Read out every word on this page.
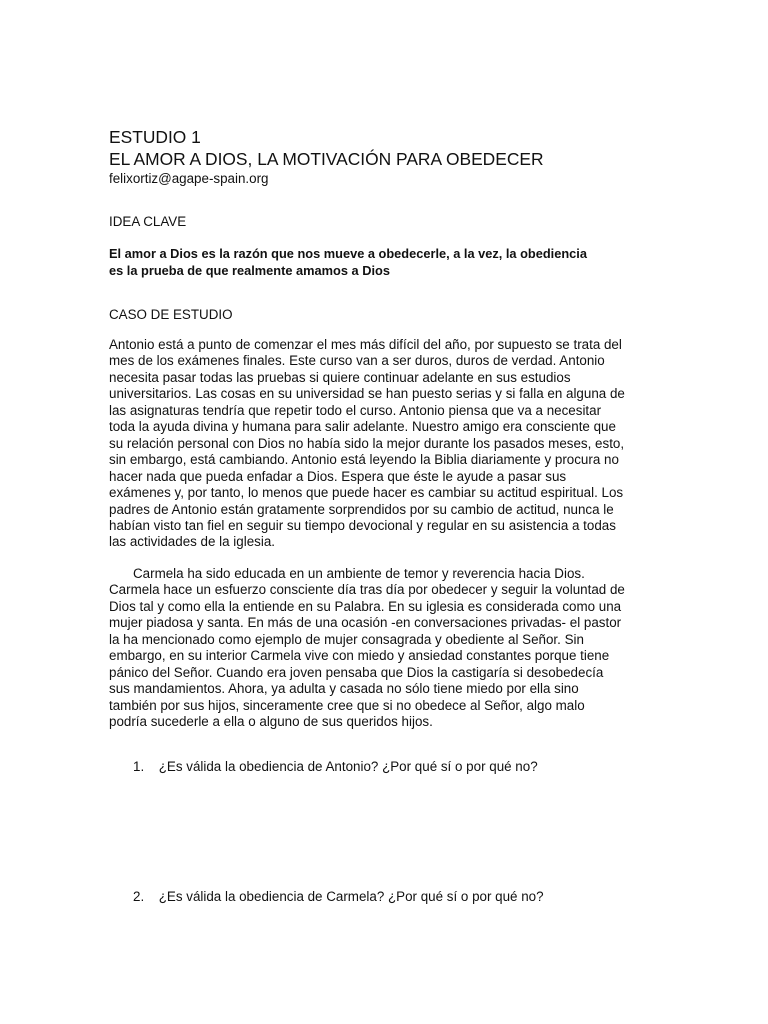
ESTUDIO 1
EL AMOR A DIOS, LA MOTIVACIÓN PARA OBEDECER

felixortiz@agape-spain.org

IDEA CLAVE

El amor a Dios es la razón que nos mueve a obedecerle, a la vez, la obediencia

es la prueba de que realmente amamos a Dios

CASO DE ESTUDIO

Antonio está a punto de comenzar el mes más difícil del año, por supuesto se trata del

mes de los exámenes finales. Este curso van a ser duros, duros de verdad. Antonio

necesita pasar todas las pruebas si quiere continuar adelante en sus estudios

universitarios. Las cosas en su universidad se han puesto serias y si falla en alguna de

las asignaturas tendría que repetir todo el curso. Antonio piensa que va a necesitar

toda la ayuda divina y humana para salir adelante. Nuestro amigo era consciente que

su relación personal con Dios no había sido la mejor durante los pasados meses, esto,

sin embargo, está cambiando. Antonio está leyendo la Biblia diariamente y procura no

hacer nada que pueda enfadar a Dios. Espera que éste le ayude a pasar sus

exámenes y, por tanto, lo menos que puede hacer es cambiar su actitud espiritual. Los

padres de Antonio están gratamente sorprendidos por su cambio de actitud, nunca le

habían visto tan fiel en seguir su tiempo devocional y regular en su asistencia a todas

las actividades de la iglesia.

Carmela ha sido educada en un ambiente de temor y reverencia hacia Dios.

Carmela hace un esfuerzo consciente día tras día por obedecer y seguir la voluntad de

Dios tal y como ella la entiende en su Palabra. En su iglesia es considerada como una

mujer piadosa y santa. En más de una ocasión -en conversaciones privadas- el pastor

la ha mencionado como ejemplo de mujer consagrada y obediente al Señor. Sin

embargo, en su interior Carmela vive con miedo y ansiedad constantes porque tiene

pánico del Señor. Cuando era joven pensaba que Dios la castigaría si desobedecía

sus mandamientos. Ahora, ya adulta y casada no sólo tiene miedo por ella sino

también por sus hijos, sinceramente cree que si no obedece al Señor, algo malo

podría sucederle a ella o alguno de sus queridos hijos.

1. ¿Es válida la obediencia de Antonio? ¿Por qué sí o por qué no?
2. ¿Es válida la obediencia de Carmela? ¿Por qué sí o por qué no?
